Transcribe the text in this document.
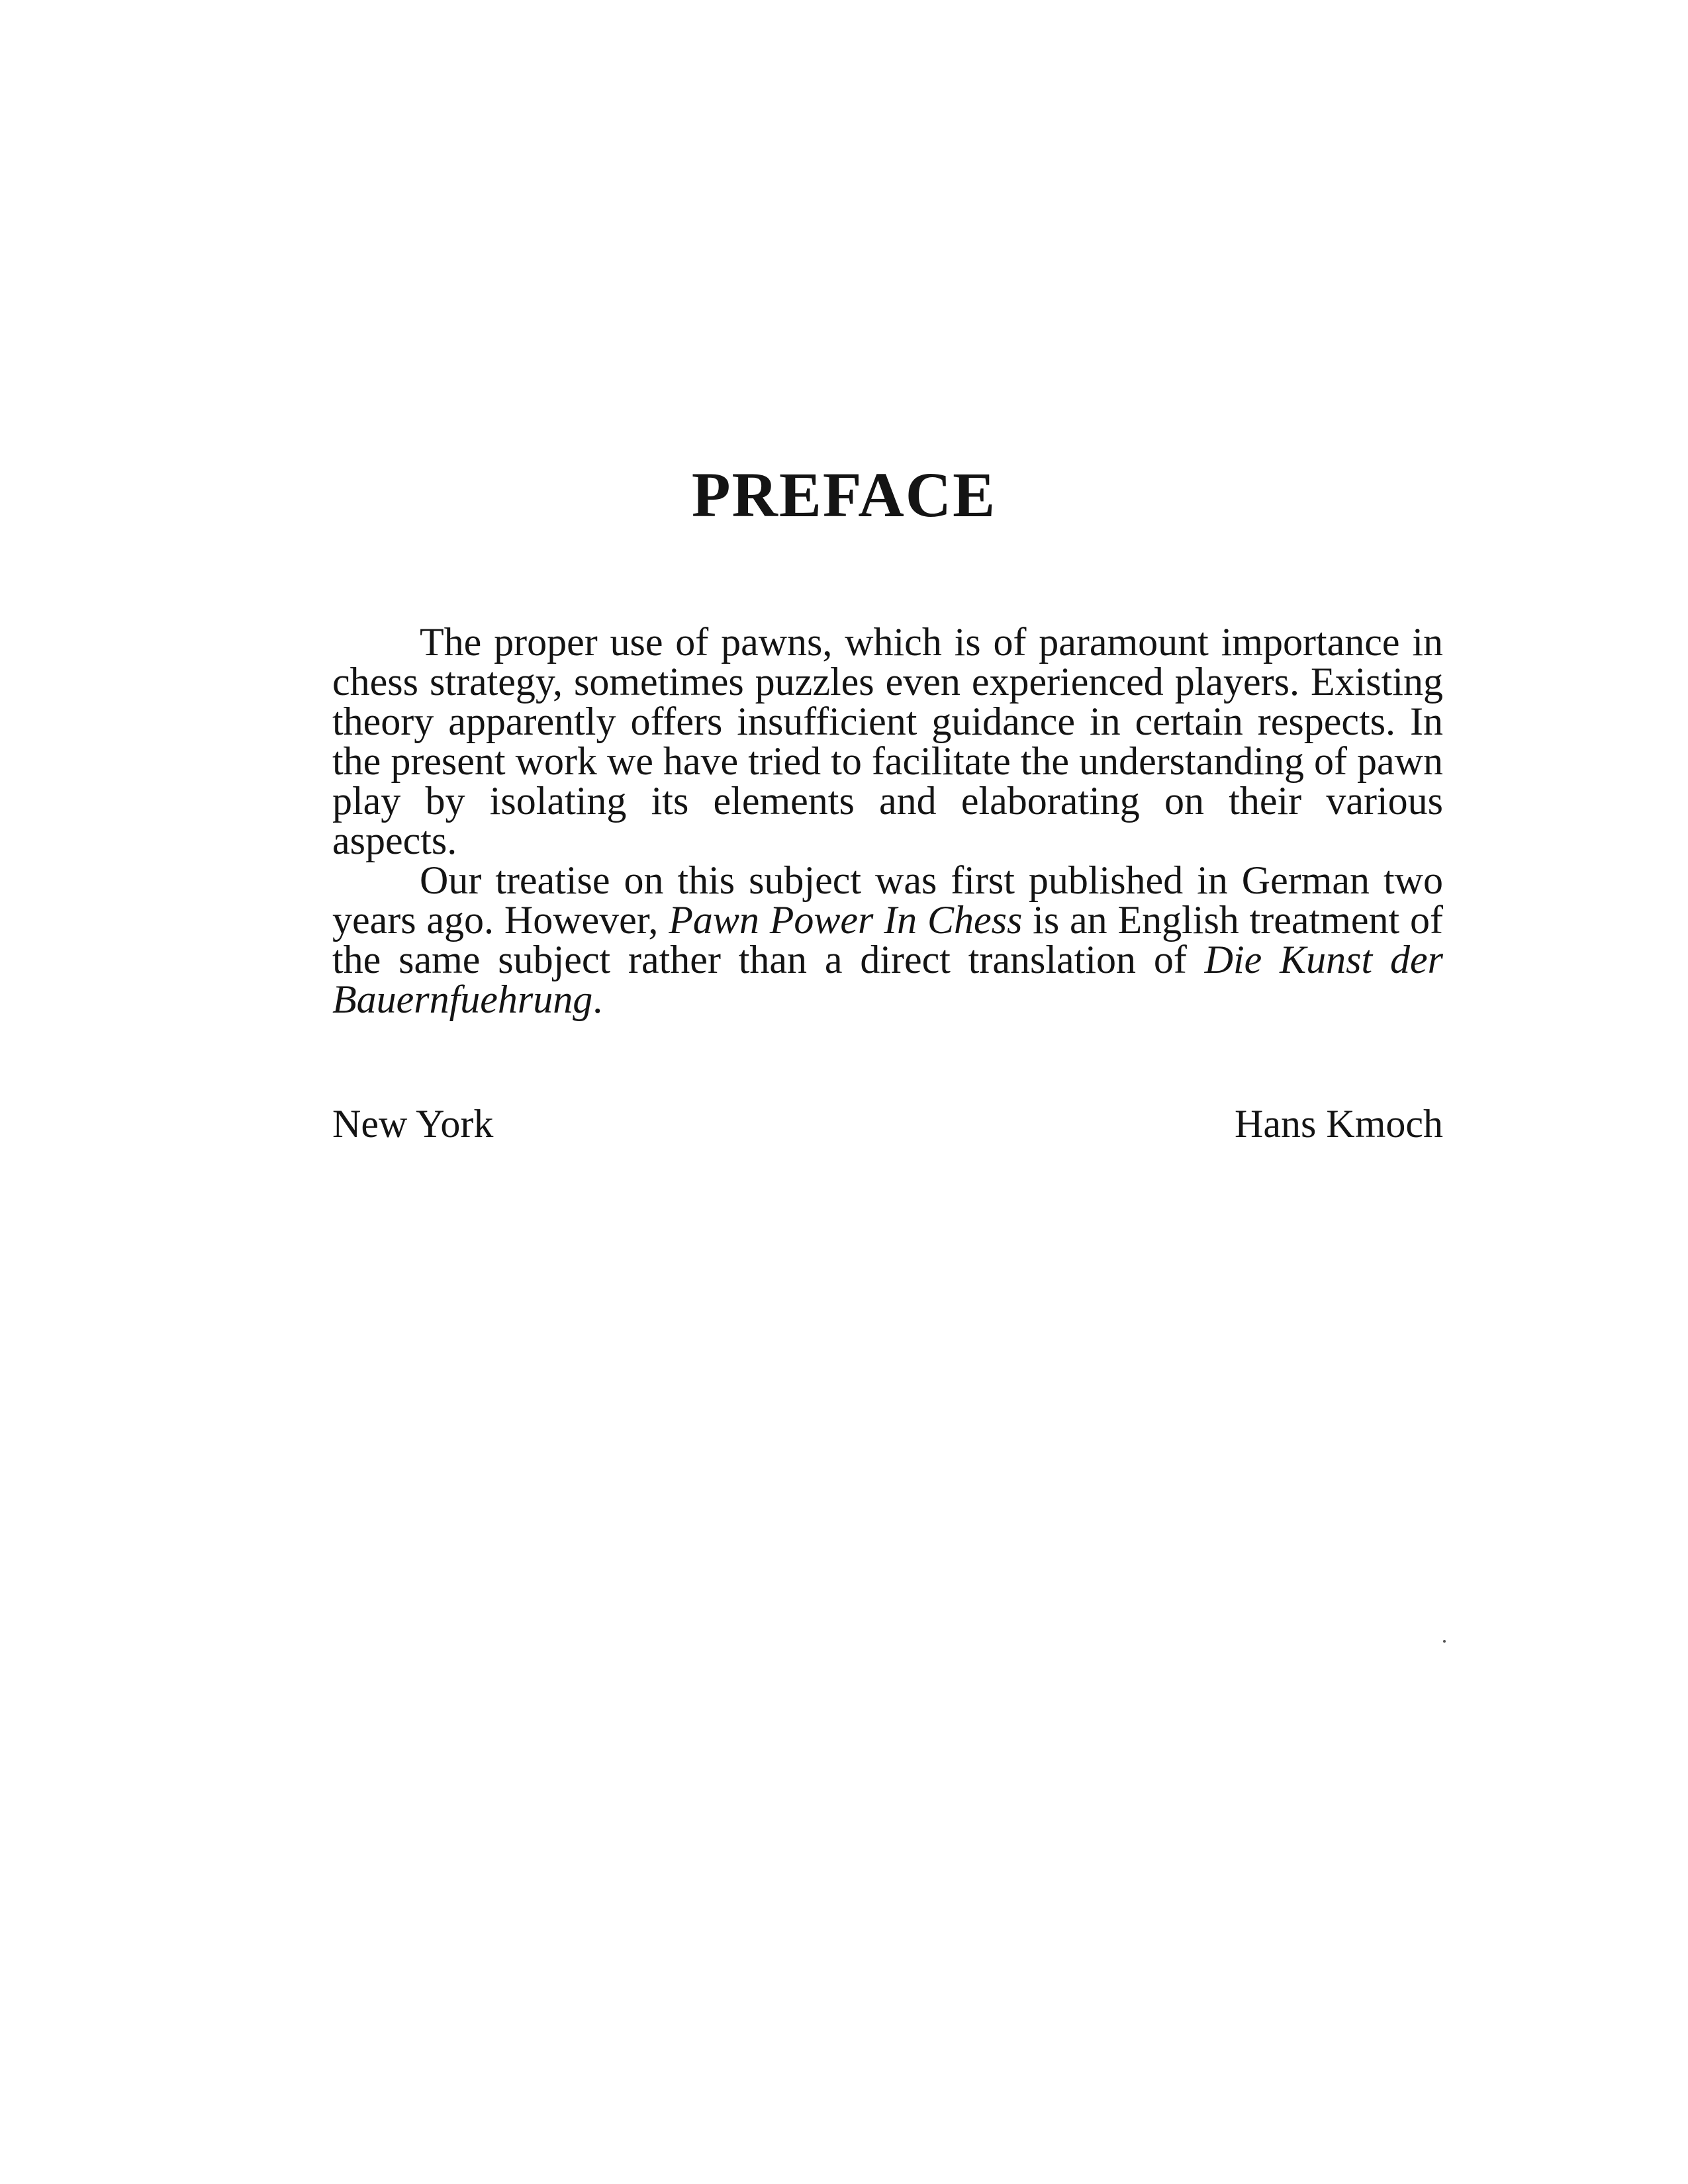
PREFACE

The proper use of pawns, which is of paramount importance in chess strategy, sometimes puzzles even experienced players. Existing theory apparently offers insufficient guidance in certain respects. In the present work we have tried to facilitate the understanding of pawn play by isolating its elements and elaborating on their various aspects.

Our treatise on this subject was first published in German two years ago. However, Pawn Power In Chess is an English treatment of the same subject rather than a direct translation of Die Kunst der Bauernfuehrung.

New York	Hans Kmoch
